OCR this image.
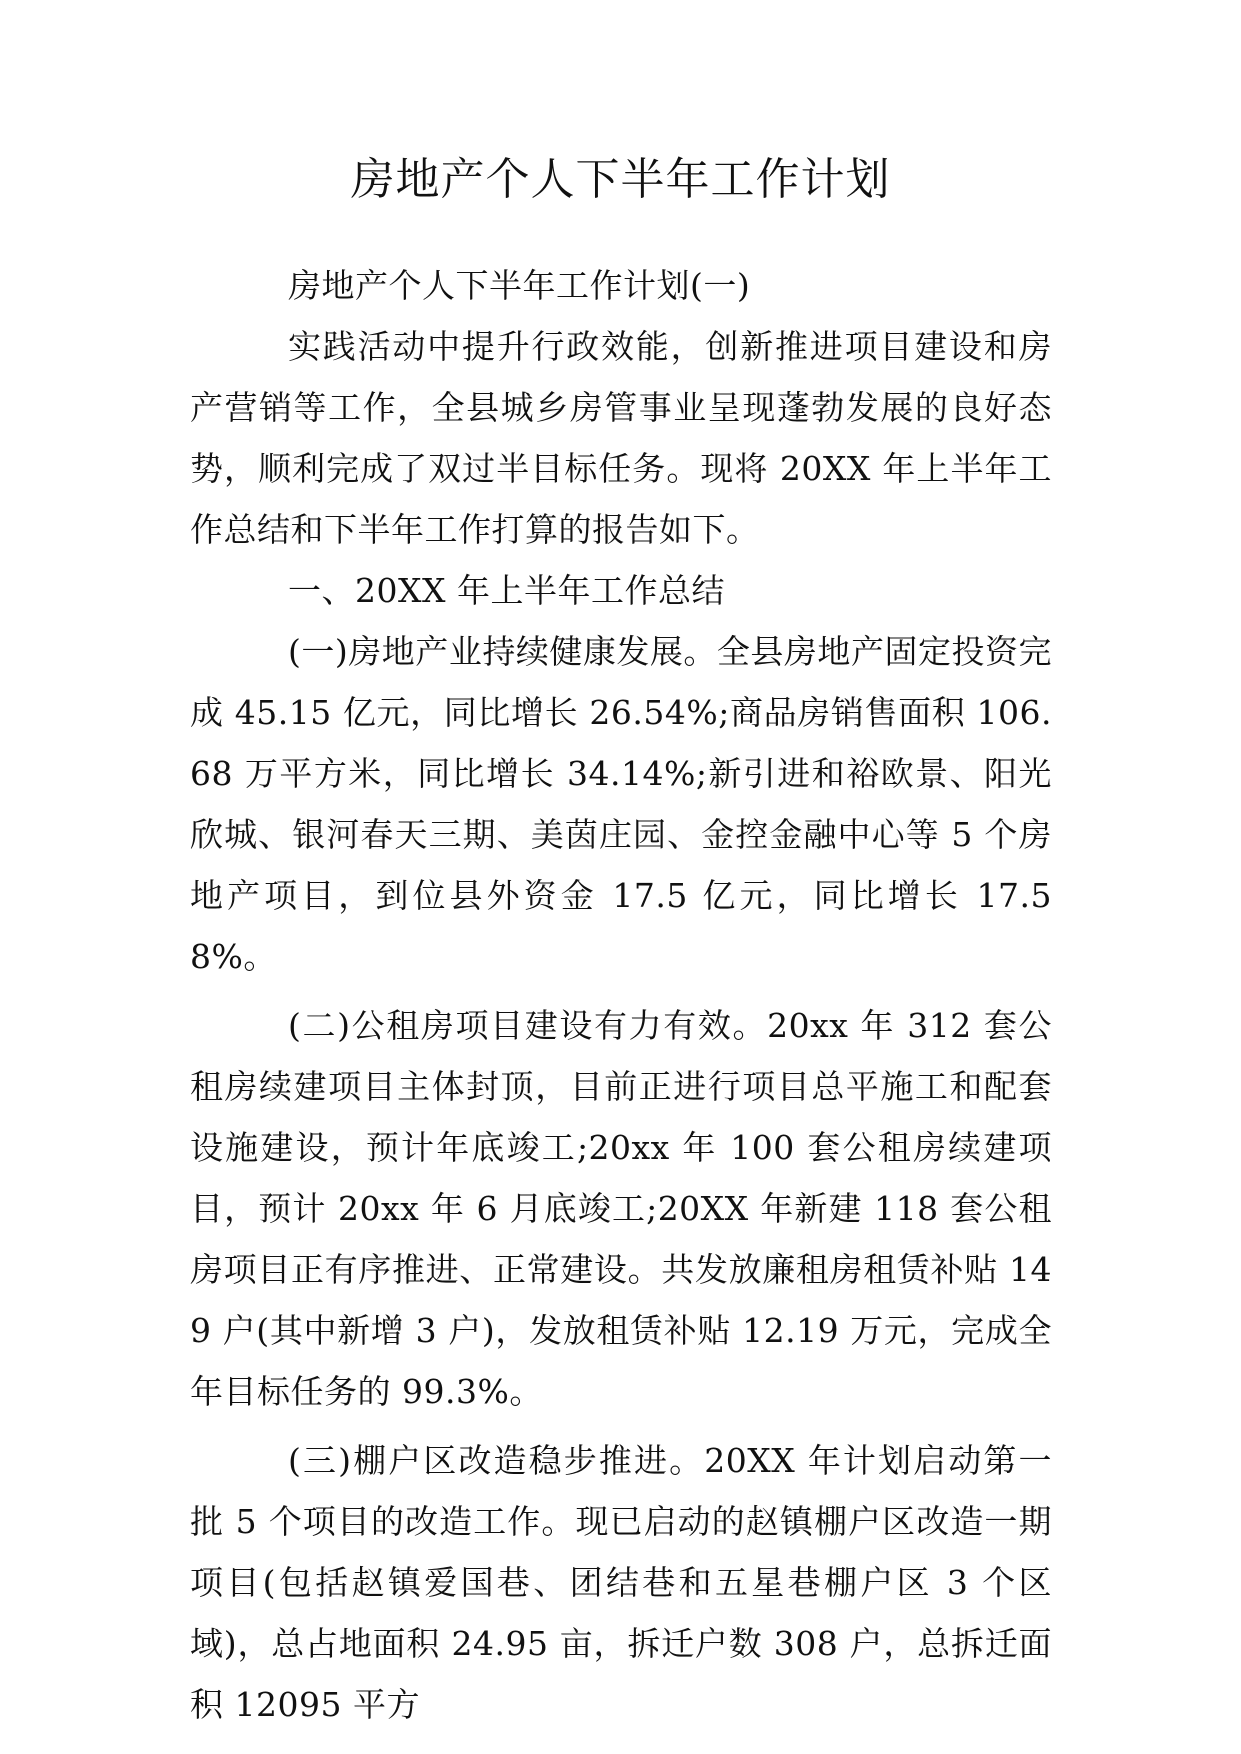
房地产个人下半年工作计划

房地产个人下半年工作计划(一)

实践活动中提升行政效能，创新推进项目建设和房产营销等工作，全县城乡房管事业呈现蓬勃发展的良好态势，顺利完成了双过半目标任务。现将 20XX 年上半年工作总结和下半年工作打算的报告如下。

一、20XX 年上半年工作总结

(一)房地产业持续健康发展。全县房地产固定投资完成 45.15 亿元，同比增长 26.54%;商品房销售面积 106.68 万平方米，同比增长 34.14%;新引进和裕欧景、阳光欣城、银河春天三期、美茵庄园、金控金融中心等 5 个房地产项目，到位县外资金 17.5 亿元，同比增长 17.58%。

(二)公租房项目建设有力有效。20xx 年 312 套公租房续建项目主体封顶，目前正进行项目总平施工和配套设施建设，预计年底竣工;20xx 年 100 套公租房续建项目，预计 20xx 年 6 月底竣工;20XX 年新建 118 套公租房项目正有序推进、正常建设。共发放廉租房租赁补贴 149 户(其中新增 3 户)，发放租赁补贴 12.19 万元，完成全年目标任务的 99.3%。

(三)棚户区改造稳步推进。20XX 年计划启动第一批 5 个项目的改造工作。现已启动的赵镇棚户区改造一期项目(包括赵镇爱国巷、团结巷和五星巷棚户区 3 个区域)，总占地面积 24.95 亩，拆迁户数 308 户，总拆迁面积 12095 平方
